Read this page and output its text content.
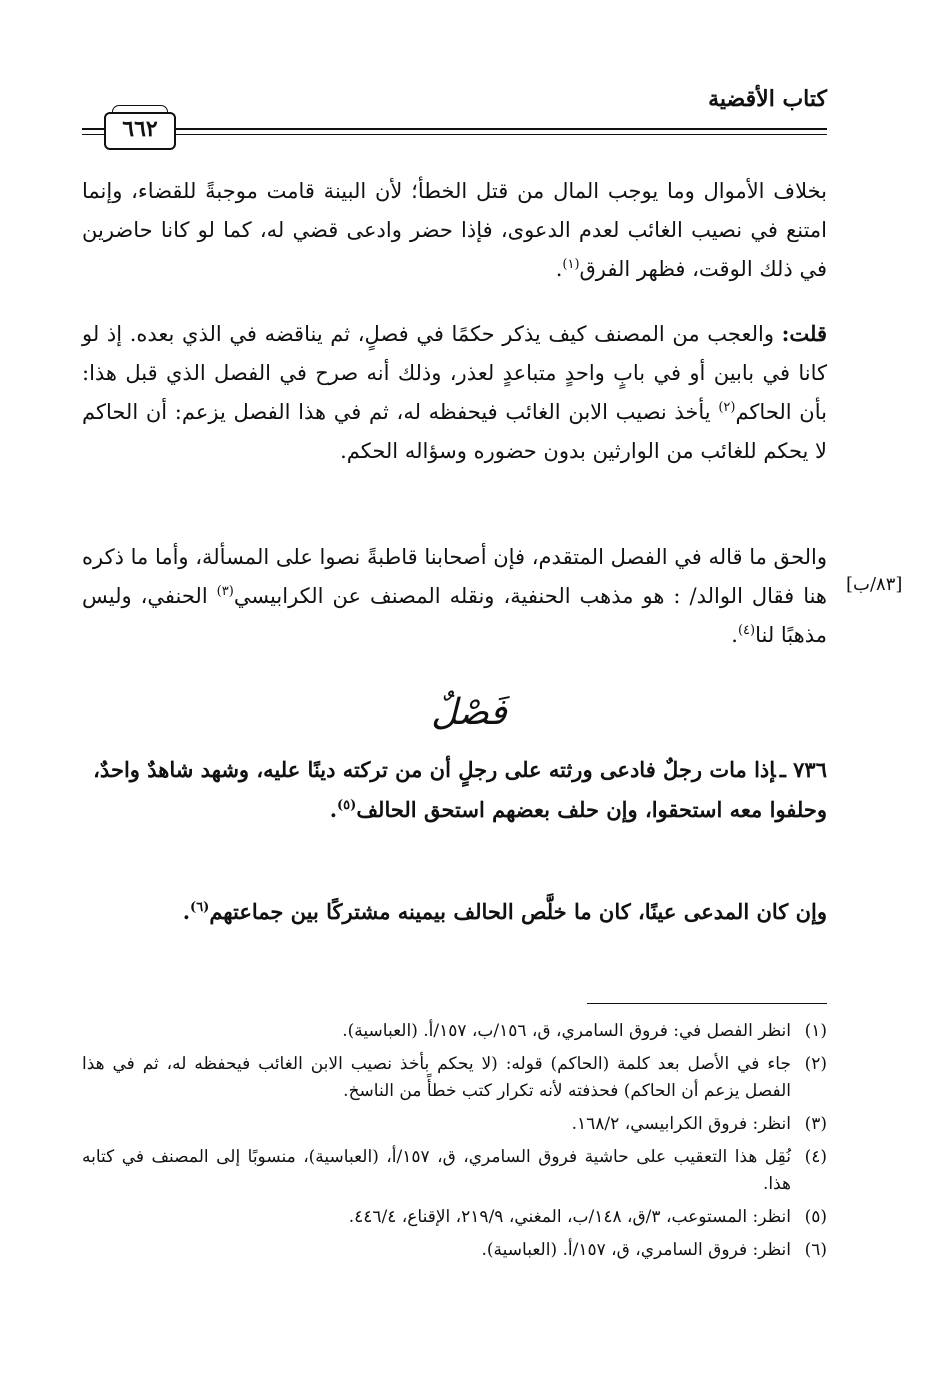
كتاب الأقضية
٦٦٢

بخلاف الأموال وما يوجب المال من قتل الخطأ؛ لأن البينة قامت موجبةً للقضاء، وإنما امتنع في نصيب الغائب لعدم الدعوى، فإذا حضر وادعى قضي له، كما لو كانا حاضرين في ذلك الوقت، فظهر الفرق$^{(١)}$.

قلت: والعجب من المصنف كيف يذكر حكمًا في فصلٍ، ثم يناقضه في الذي بعده. إذ لو كانا في بابين أو في بابٍ واحدٍ متباعدٍ لعذر، وذلك أنه صرح في الفصل الذي قبل هذا: بأن الحاكم$^{(٢)}$ يأخذ نصيب الابن الغائب فيحفظه له، ثم في هذا الفصل يزعم: أن الحاكم لا يحكم للغائب من الوارثين بدون حضوره وسؤاله الحكم.

والحق ما قاله في الفصل المتقدم، فإن أصحابنا قاطبةً نصوا على المسألة، وأما ما ذكره هنا فقال الوالد/ : هو مذهب الحنفية، ونقله المصنف عن الكرابيسي$^{(٣)}$ الحنفي، وليس مذهبًا لنا$^{(٤)}$.

[٨٣/ب]
فَصْلٌ
٧٣٦ ـإذا مات رجلٌ فادعى ورثته على رجلٍ أن من تركته دينًا عليه، وشهد شاهدٌ واحدٌ، وحلفوا معه استحقوا، وإن حلف بعضهم استحق الحالف$^{(٥)}$.
وإن كان المدعى عينًا، كان ما خلَّص الحالف بيمينه مشتركًا بين جماعتهم$^{(٦)}$.
(١)
انظر الفصل في: فروق السامري، ق، ١٥٦/ب، ١٥٧/أ. (العباسية).
(٢)
جاء في الأصل بعد كلمة (الحاكم) قوله: (لا يحكم بأخذ نصيب الابن الغائب فيحفظه له، ثم في هذا الفصل يزعم أن الحاكم) فحذفته لأنه تكرار كتب خطأً من الناسخ.
(٣)
انظر: فروق الكرابيسي، ١٦٨/٢.
(٤)
نُقِل هذا التعقيب على حاشية فروق السامري، ق، ١٥٧/أ، (العباسية)، منسوبًا إلى المصنف في كتابه هذا.
(٥)
انظر: المستوعب، ٣/ق، ١٤٨/ب، المغني، ٢١٩/٩، الإقناع، ٤٤٦/٤.
(٦)
انظر: فروق السامري، ق، ١٥٧/أ. (العباسية).
